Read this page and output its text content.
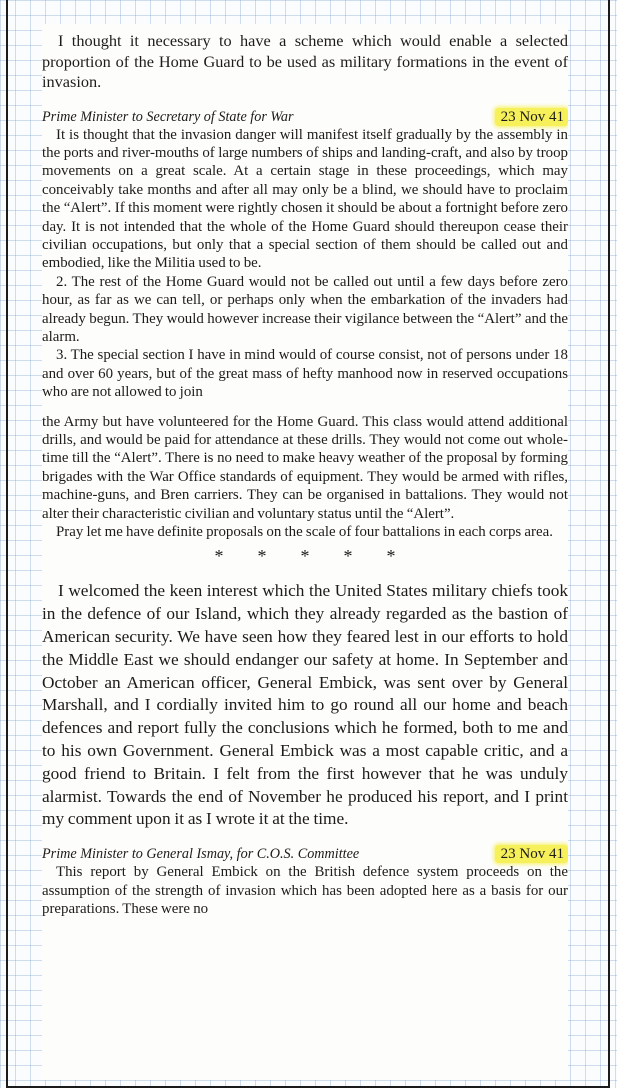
I thought it necessary to have a scheme which would enable a selected proportion of the Home Guard to be used as military formations in the event of invasion.

Prime Minister to Secretary of State for War	23 Nov 41

It is thought that the invasion danger will manifest itself gradually by the assembly in the ports and river-mouths of large numbers of ships and landing-craft, and also by troop movements on a great scale. At a certain stage in these proceedings, which may conceivably take months and after all may only be a blind, we should have to proclaim the “Alert”. If this moment were rightly chosen it should be about a fortnight before zero day. It is not intended that the whole of the Home Guard should thereupon cease their civilian occupations, but only that a special section of them should be called out and embodied, like the Militia used to be.

2. The rest of the Home Guard would not be called out until a few days before zero hour, as far as we can tell, or perhaps only when the embarkation of the invaders had already begun. They would however increase their vigilance between the “Alert” and the alarm.

3. The special section I have in mind would of course consist, not of persons under 18 and over 60 years, but of the great mass of hefty manhood now in reserved occupations who are not allowed to join

the Army but have volunteered for the Home Guard. This class would attend additional drills, and would be paid for attendance at these drills. They would not come out whole-time till the “Alert”. There is no need to make heavy weather of the proposal by forming brigades with the War Office standards of equipment. They would be armed with rifles, machine-guns, and Bren carriers. They can be organised in battalions. They would not alter their characteristic civilian and voluntary status until the “Alert”.

Pray let me have definite proposals on the scale of four battalions in each corps area.

* * * * *

I welcomed the keen interest which the United States military chiefs took in the defence of our Island, which they already regarded as the bastion of American security. We have seen how they feared lest in our efforts to hold the Middle East we should endanger our safety at home. In September and October an American officer, General Embick, was sent over by General Marshall, and I cordially invited him to go round all our home and beach defences and report fully the conclusions which he formed, both to me and to his own Government. General Embick was a most capable critic, and a good friend to Britain. I felt from the first however that he was unduly alarmist. Towards the end of November he produced his report, and I print my comment upon it as I wrote it at the time.

Prime Minister to General Ismay, for C.O.S. Committee	23 Nov 41

This report by General Embick on the British defence system proceeds on the assumption of the strength of invasion which has been adopted here as a basis for our preparations. These were no
